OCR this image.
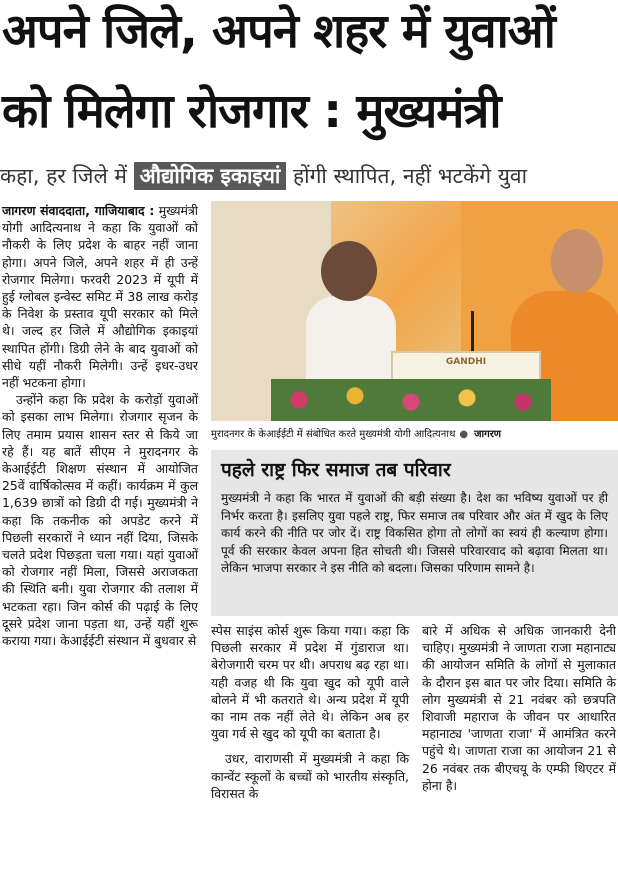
अपने जिले, अपने शहर में युवाओं
को मिलेगा रोजगार : मुख्यमंत्री
कहा, हर जिले में औद्योगिक इकाइयां होंगी स्थापित, नहीं भटकेंगे युवा

जागरण संवाददाता, गाजियाबाद : मुख्यमंत्री योगी आदित्यनाथ ने कहा कि युवाओं को नौकरी के लिए प्रदेश के बाहर नहीं जाना होगा। अपने जिले, अपने शहर में ही उन्हें रोजगार मिलेगा। फरवरी 2023 में यूपी में हुई ग्लोबल इन्वेस्ट समिट में 38 लाख करोड़ के निवेश के प्रस्ताव यूपी सरकार को मिले थे। जल्द हर जिले में औद्योगिक इकाइयां स्थापित होंगी। डिग्री लेने के बाद युवाओं को सीधे यहीं नौकरी मिलेगी। उन्हें इधर-उधर नहीं भटकना होगा।

उन्होंने कहा कि प्रदेश के करोड़ों युवाओं को इसका लाभ मिलेगा। रोजगार सृजन के लिए तमाम प्रयास शासन स्तर से किये जा रहे हैं। यह बातें सीएम ने मुरादनगर के केआईईटी शिक्षण संस्थान में आयोजित 25वें वार्षिकोत्सव में कहीं। कार्यक्रम में कुल 1,639 छात्रों को डिग्री दी गई। मुख्यमंत्री ने कहा कि तकनीक को अपडेट करने में पिछली सरकारों ने ध्यान नहीं दिया, जिसके चलते प्रदेश पिछड़ता चला गया। यहां युवाओं को रोजगार नहीं मिला, जिससे अराजकता की स्थिति बनी। युवा रोजगार की तलाश में भटकता रहा। जिन कोर्स की पढ़ाई के लिए दूसरे प्रदेश जाना पड़ता था, उन्हें यहीं शुरू कराया गया। केआईईटी संस्थान में बुधवार से

GANDHI
मुरादनगर के केआईईटी में संबोधित करते मुख्यमंत्री योगी आदित्यनाथ ● जागरण
पहले राष्ट्र फिर समाज तब परिवार
मुख्यमंत्री ने कहा कि भारत में युवाओं की बड़ी संख्या है। देश का भविष्य युवाओं पर ही निर्भर करता है। इसलिए युवा पहले राष्ट्र, फिर समाज तब परिवार और अंत में खुद के लिए कार्य करने की नीति पर जोर दें। राष्ट्र विकसित होगा तो लोगों का स्वयं ही कल्याण होगा। पूर्व की सरकार केवल अपना हित सोचती थी। जिससे परिवारवाद को बढ़ावा मिलता था। लेकिन भाजपा सरकार ने इस नीति को बदला। जिसका परिणाम सामने है।

स्पेस साइंस कोर्स शुरू किया गया। कहा कि पिछली सरकार में प्रदेश में गुंडाराज था। बेरोजगारी चरम पर थी। अपराध बढ़ रहा था। यही वजह थी कि युवा खुद को यूपी वाले बोलने में भी कतराते थे। अन्य प्रदेश में यूपी का नाम तक नहीं लेते थे। लेकिन अब हर युवा गर्व से खुद को यूपी का बताता है।

उधर, वाराणसी में मुख्यमंत्री ने कहा कि कान्वेंट स्कूलों के बच्चों को भारतीय संस्कृति, विरासत के

बारे में अधिक से अधिक जानकारी देनी चाहिए। मुख्यमंत्री ने जाणता राजा महानाट्य की आयोजन समिति के लोगों से मुलाकात के दौरान इस बात पर जोर दिया। समिति के लोग मुख्यमंत्री से 21 नवंबर को छत्रपति शिवाजी महाराज के जीवन पर आधारित महानाट्य 'जाणता राजा' में आमंत्रित करने पहुंचे थे। जाणता राजा का आयोजन 21 से 26 नवंबर तक बीएचयू के एम्फी थिएटर में होना है।
